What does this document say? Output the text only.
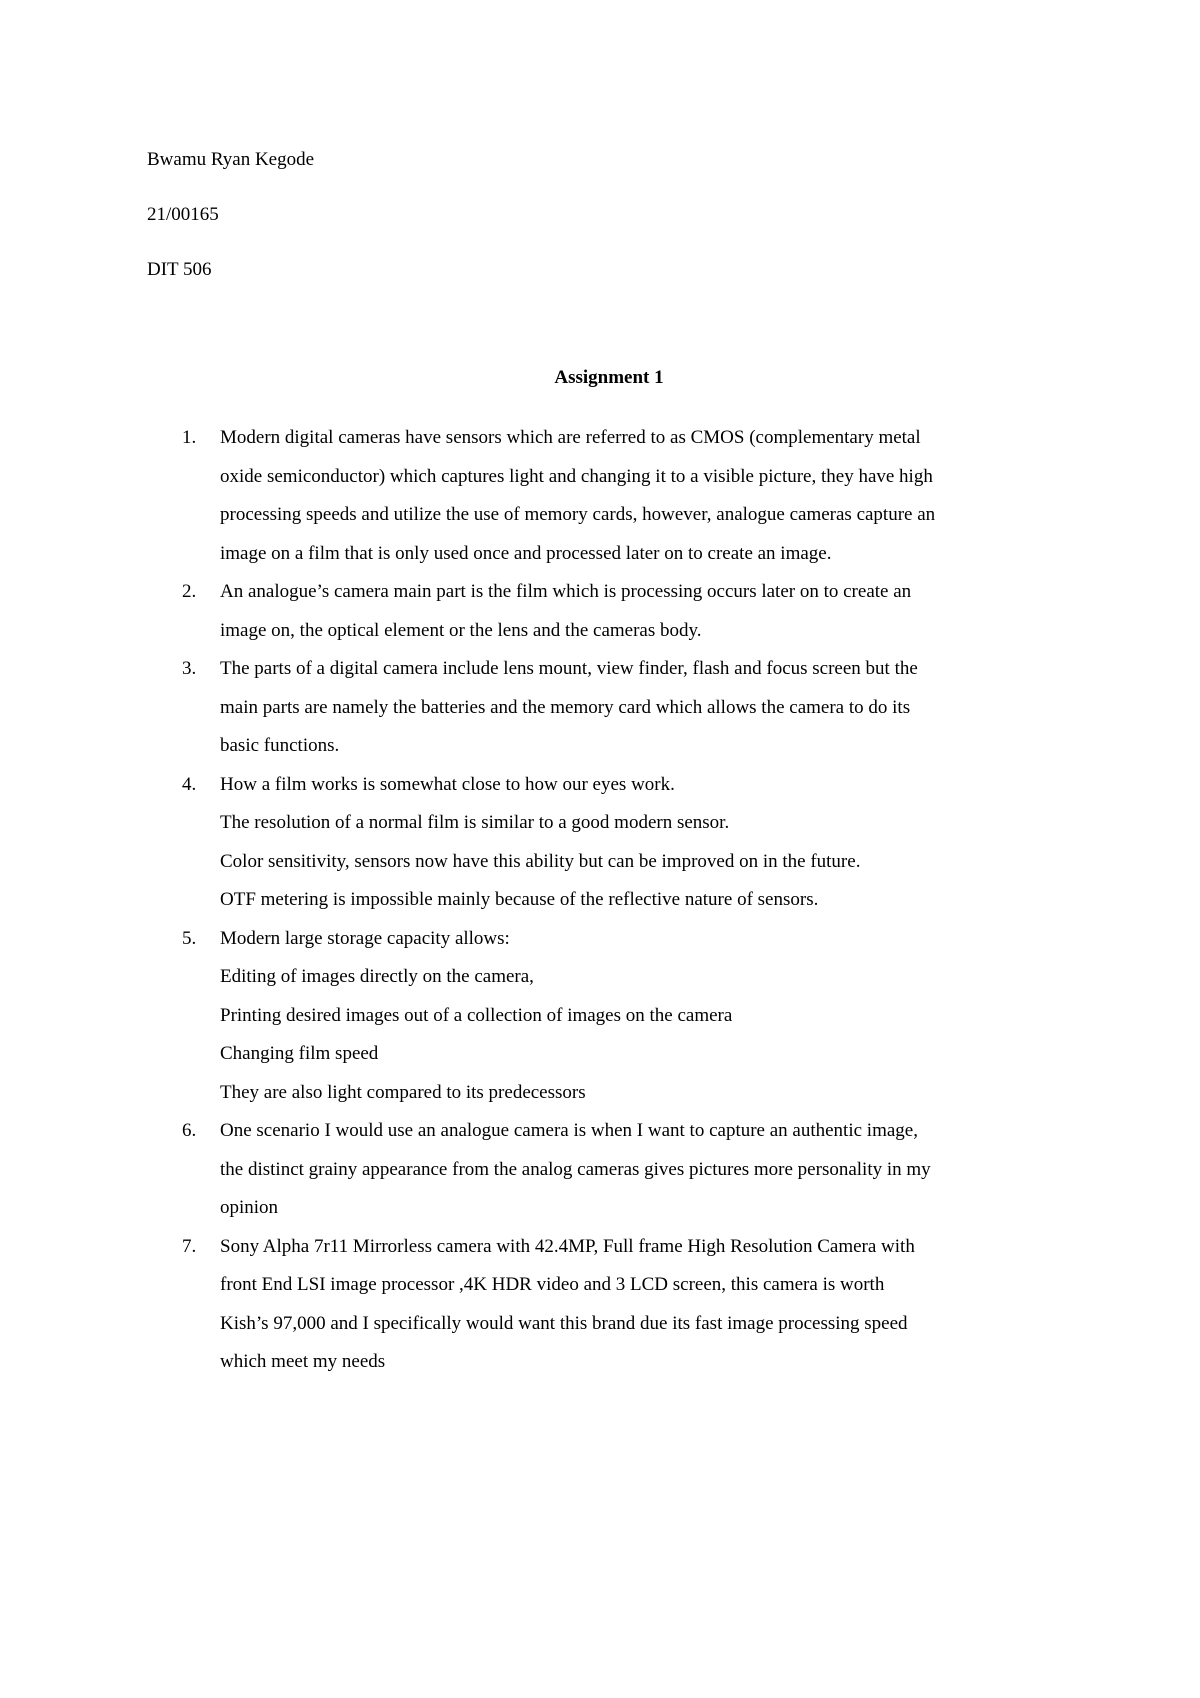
Bwamu Ryan Kegode

21/00165

DIT 506

Assignment 1

1. Modern digital cameras have sensors which are referred to as CMOS (complementary metal
oxide semiconductor) which captures light and changing it to a visible picture, they have high
processing speeds and utilize the use of memory cards, however, analogue cameras capture an
image on a film that is only used once and processed later on to create an image.
2. An analogue’s camera main part is the film which is processing occurs later on to create an
image on, the optical element or the lens and the cameras body.
3. The parts of a digital camera include lens mount, view finder, flash and focus screen but the
main parts are namely the batteries and the memory card which allows the camera to do its
basic functions.
4. How a film works is somewhat close to how our eyes work.
The resolution of a normal film is similar to a good modern sensor.
Color sensitivity, sensors now have this ability but can be improved on in the future.
OTF metering is impossible mainly because of the reflective nature of sensors.
5. Modern large storage capacity allows:
Editing of images directly on the camera,
Printing desired images out of a collection of images on the camera
Changing film speed
They are also light compared to its predecessors
6. One scenario I would use an analogue camera is when I want to capture an authentic image,
the distinct grainy appearance from the analog cameras gives pictures more personality in my
opinion
7. Sony Alpha 7r11 Mirrorless camera with 42.4MP, Full frame High Resolution Camera with
front End LSI image processor ,4K HDR video and 3 LCD screen, this camera is worth
Kish’s 97,000 and I specifically would want this brand due its fast image processing speed
which meet my needs
